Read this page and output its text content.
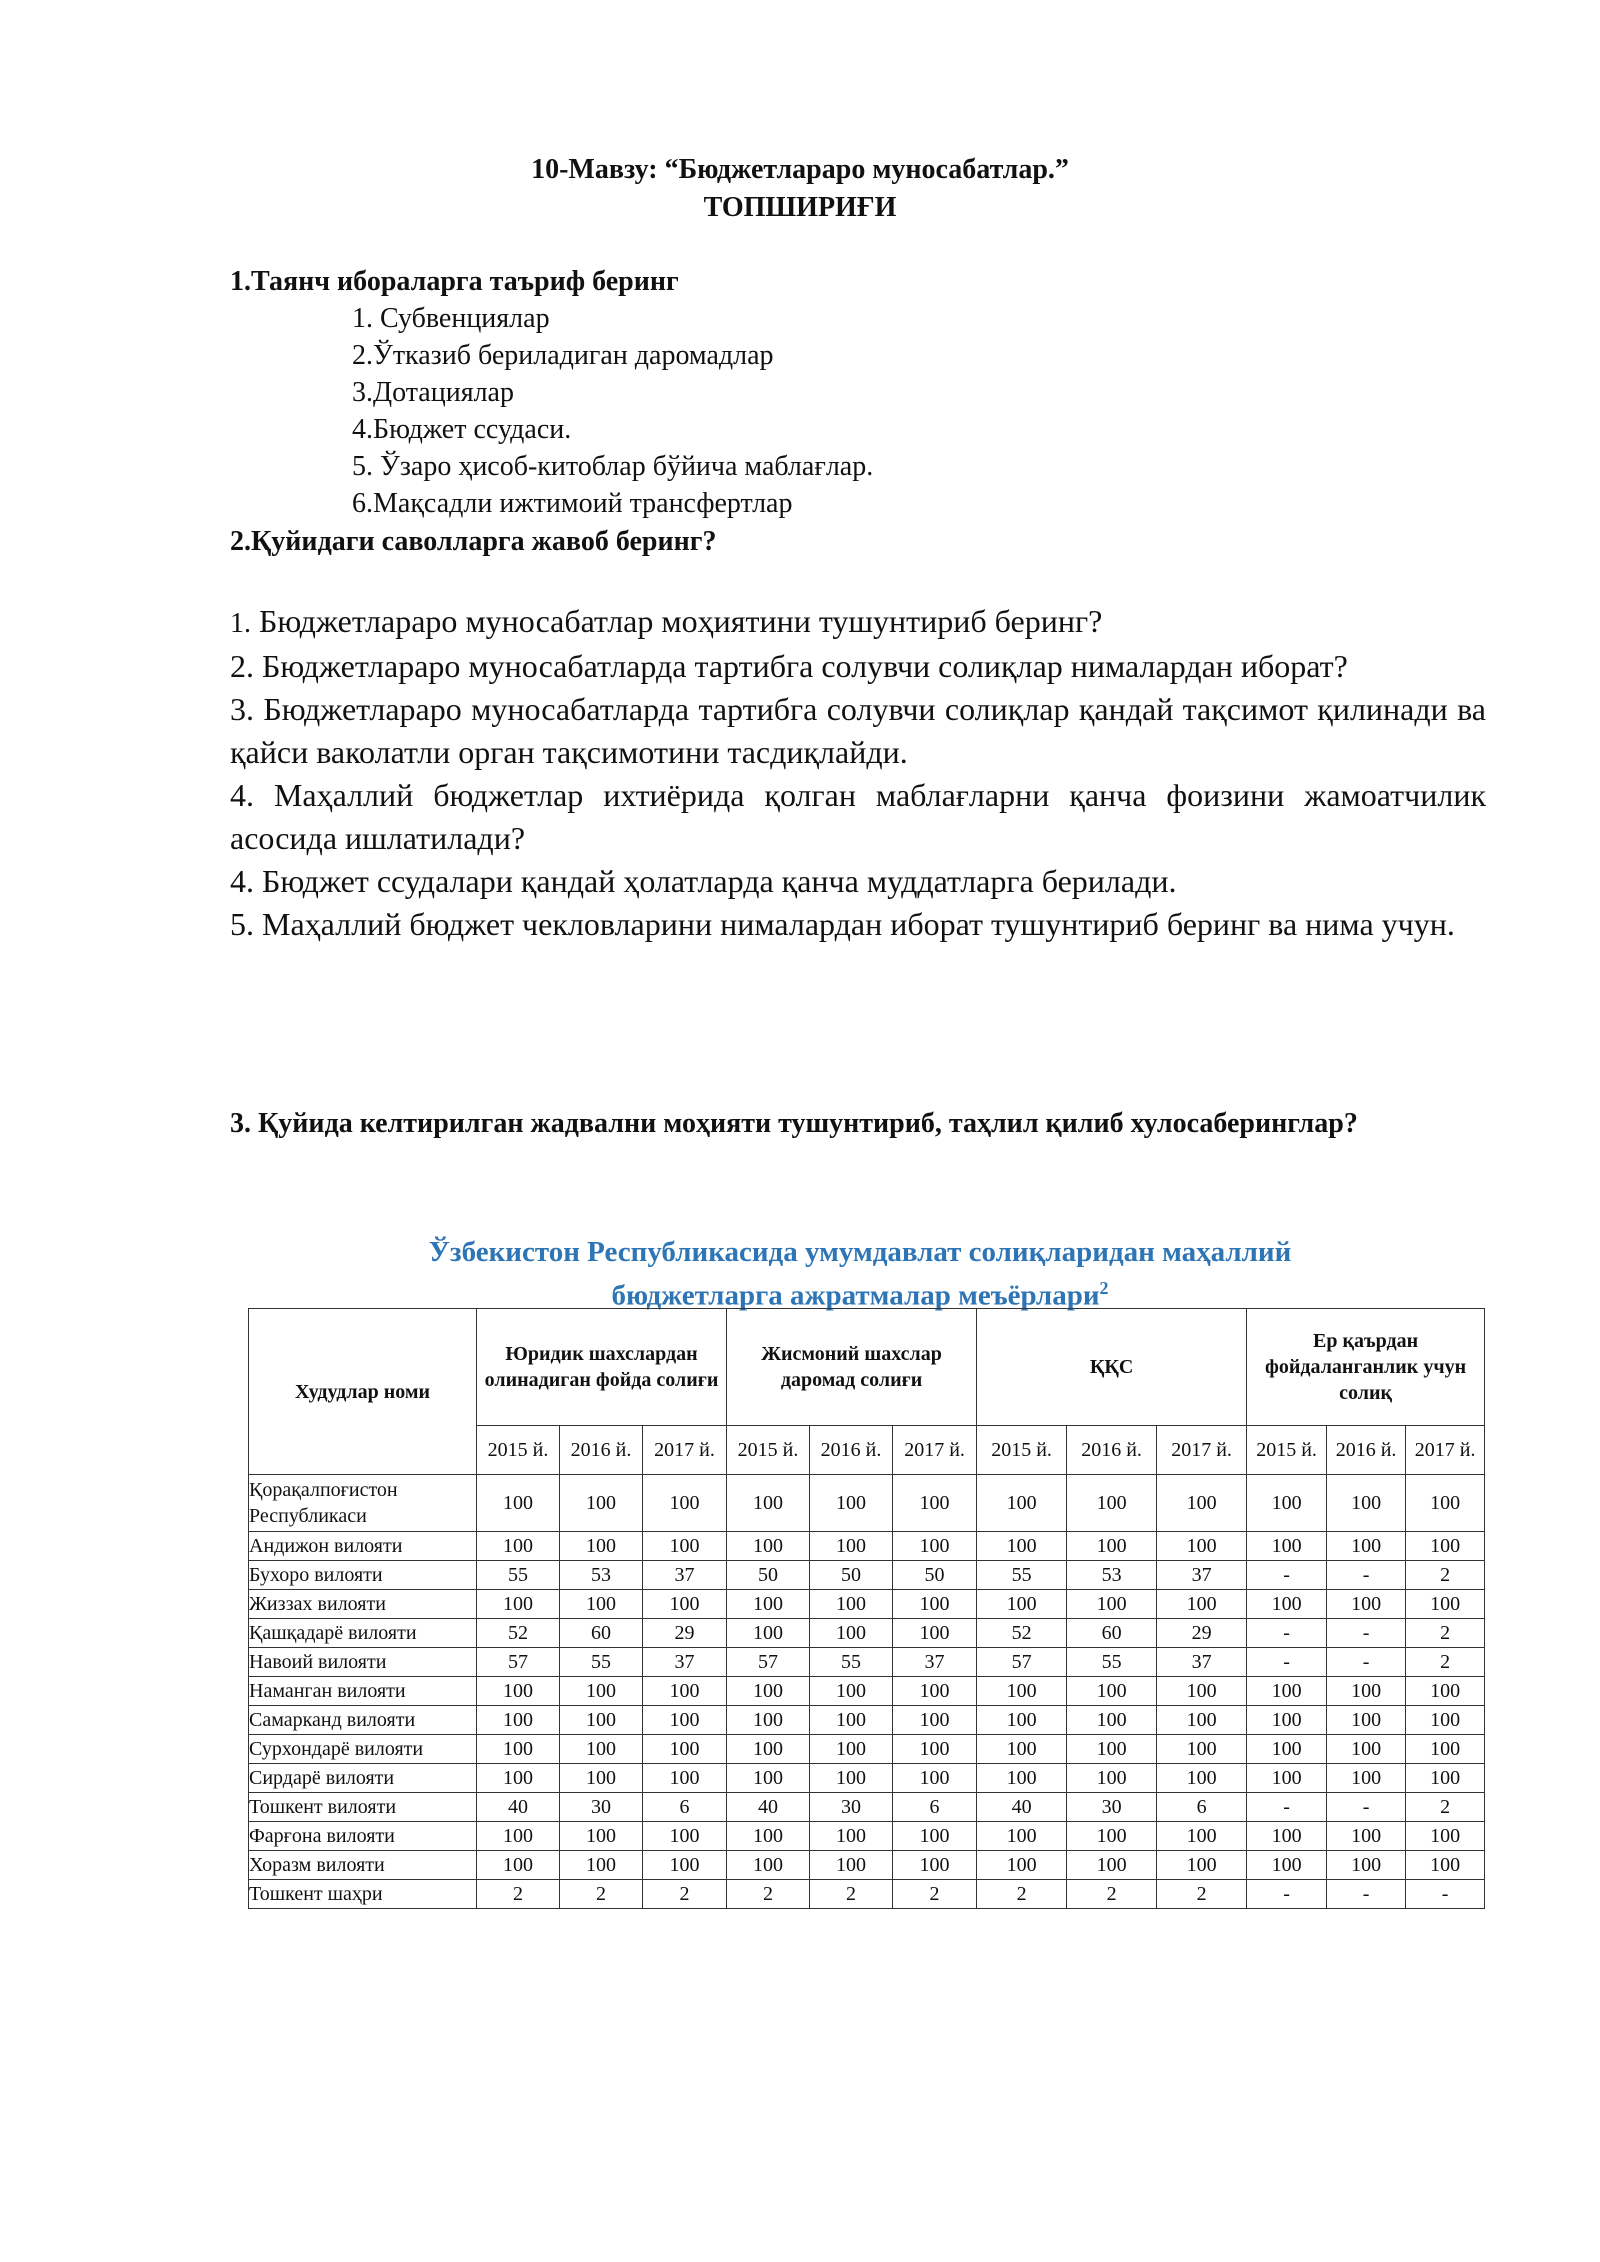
10-Мавзу: “Бюджетлараро муносабатлар.”
ТОПШИРИҒИ
1.Таянч ибораларга таъриф беринг
1. Субвенциялар
2.Ўтказиб бериладиган даромадлар
3.Дотациялар
4.Бюджет ссудаси.
5. Ўзаро ҳисоб-китоблар бўйича маблағлар.
6.Мақсадли ижтимоий трансфертлар
2.Қуйидаги саволларга жавоб беринг?

1. Бюджетлараро муносабатлар моҳиятини тушунтириб беринг?

2. Бюджетлараро муносабатларда тартибга солувчи солиқлар нималардан иборат?

3. Бюджетлараро муносабатларда тартибга солувчи солиқлар қандай тақсимот қилинади ва қайси ваколатли орган тақсимотини тасдиқлайди.

4. Маҳаллий бюджетлар ихтиёрида қолган маблағларни қанча фоизини жамоатчилик асосида ишлатилади?

4. Бюджет ссудалари қандай ҳолатларда қанча муддатларга берилади.

5. Маҳаллий бюджет чекловларини нималардан иборат тушунтириб беринг ва нима учун.

3. Қуйида келтирилган жадвални моҳияти тушунтириб, таҳлил қилиб хулосаберинглар?
Ўзбекистон Республикасида умумдавлат солиқларидан маҳаллий
бюджетларга ажратмалар меъёрлари$^2$
Худудлар номи	Юридик шахслардан олинадиган фойда солиғи			Жисмоний шахслар даромад солиғи			ҚҚС			Ер қаърдан фойдаланганлик учун солиқ		
	2015 й.	2016 й.	2017 й.	2015 й.	2016 й.	2017 й.	2015 й.	2016 й.	2017 й.	2015 й.	2016 й.	2017 й.
Қорақалпоғистон Республикаси	100	100	100	100	100	100	100	100	100	100	100	100
Андижон вилояти	100	100	100	100	100	100	100	100	100	100	100	100
Бухоро вилояти	55	53	37	50	50	50	55	53	37	-	-	2
Жиззах вилояти	100	100	100	100	100	100	100	100	100	100	100	100
Қашқадарё вилояти	52	60	29	100	100	100	52	60	29	-	-	2
Навоий вилояти	57	55	37	57	55	37	57	55	37	-	-	2
Наманган вилояти	100	100	100	100	100	100	100	100	100	100	100	100
Самарканд вилояти	100	100	100	100	100	100	100	100	100	100	100	100
Сурхондарё вилояти	100	100	100	100	100	100	100	100	100	100	100	100
Сирдарё вилояти	100	100	100	100	100	100	100	100	100	100	100	100
Тошкент вилояти	40	30	6	40	30	6	40	30	6	-	-	2
Фарғона вилояти	100	100	100	100	100	100	100	100	100	100	100	100
Хоразм вилояти	100	100	100	100	100	100	100	100	100	100	100	100
Тошкент шаҳри	2	2	2	2	2	2	2	2	2	-	-	-
